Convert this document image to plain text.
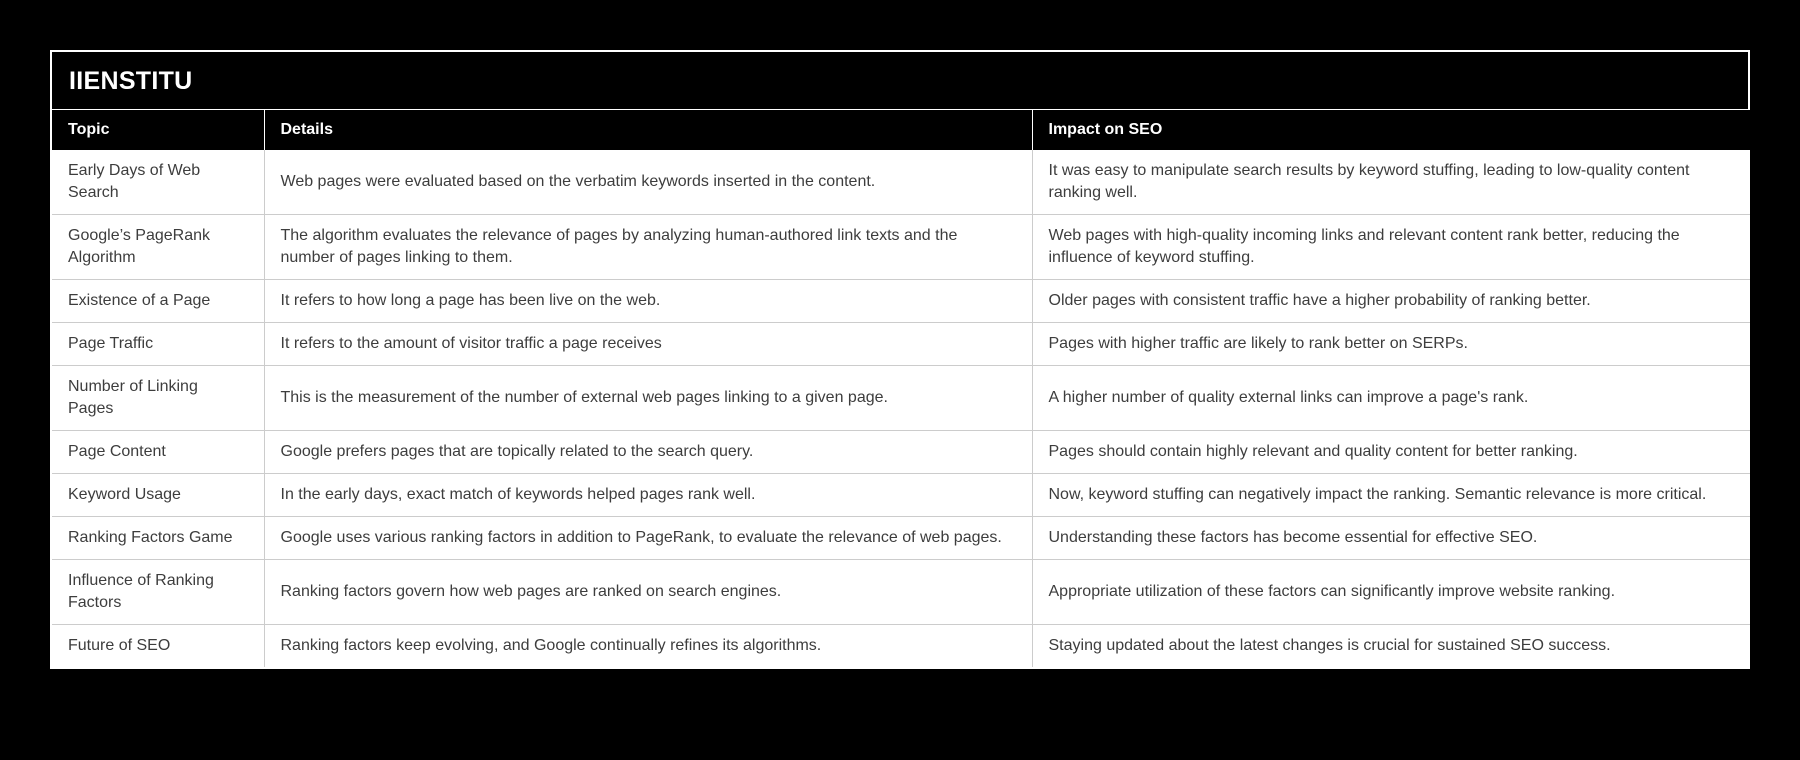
IIENSTITU
Topic	Details	Impact on SEO
Early Days of Web Search	Web pages were evaluated based on the verbatim keywords inserted in the content.	It was easy to manipulate search results by keyword stuffing, leading to low-quality content ranking well.
Google’s PageRank Algorithm	The algorithm evaluates the relevance of pages by analyzing human-authored link texts and the number of pages linking to them.	Web pages with high-quality incoming links and relevant content rank better, reducing the influence of keyword stuffing.
Existence of a Page	It refers to how long a page has been live on the web.	Older pages with consistent traffic have a higher probability of ranking better.
Page Traffic	It refers to the amount of visitor traffic a page receives	Pages with higher traffic are likely to rank better on SERPs.
Number of Linking Pages	This is the measurement of the number of external web pages linking to a given page.	A higher number of quality external links can improve a page's rank.
Page Content	Google prefers pages that are topically related to the search query.	Pages should contain highly relevant and quality content for better ranking.
Keyword Usage	In the early days, exact match of keywords helped pages rank well.	Now, keyword stuffing can negatively impact the ranking. Semantic relevance is more critical.
Ranking Factors Game	Google uses various ranking factors in addition to PageRank, to evaluate the relevance of web pages.	Understanding these factors has become essential for effective SEO.
Influence of Ranking Factors	Ranking factors govern how web pages are ranked on search engines.	Appropriate utilization of these factors can significantly improve website ranking.
Future of SEO	Ranking factors keep evolving, and Google continually refines its algorithms.	Staying updated about the latest changes is crucial for sustained SEO success.
